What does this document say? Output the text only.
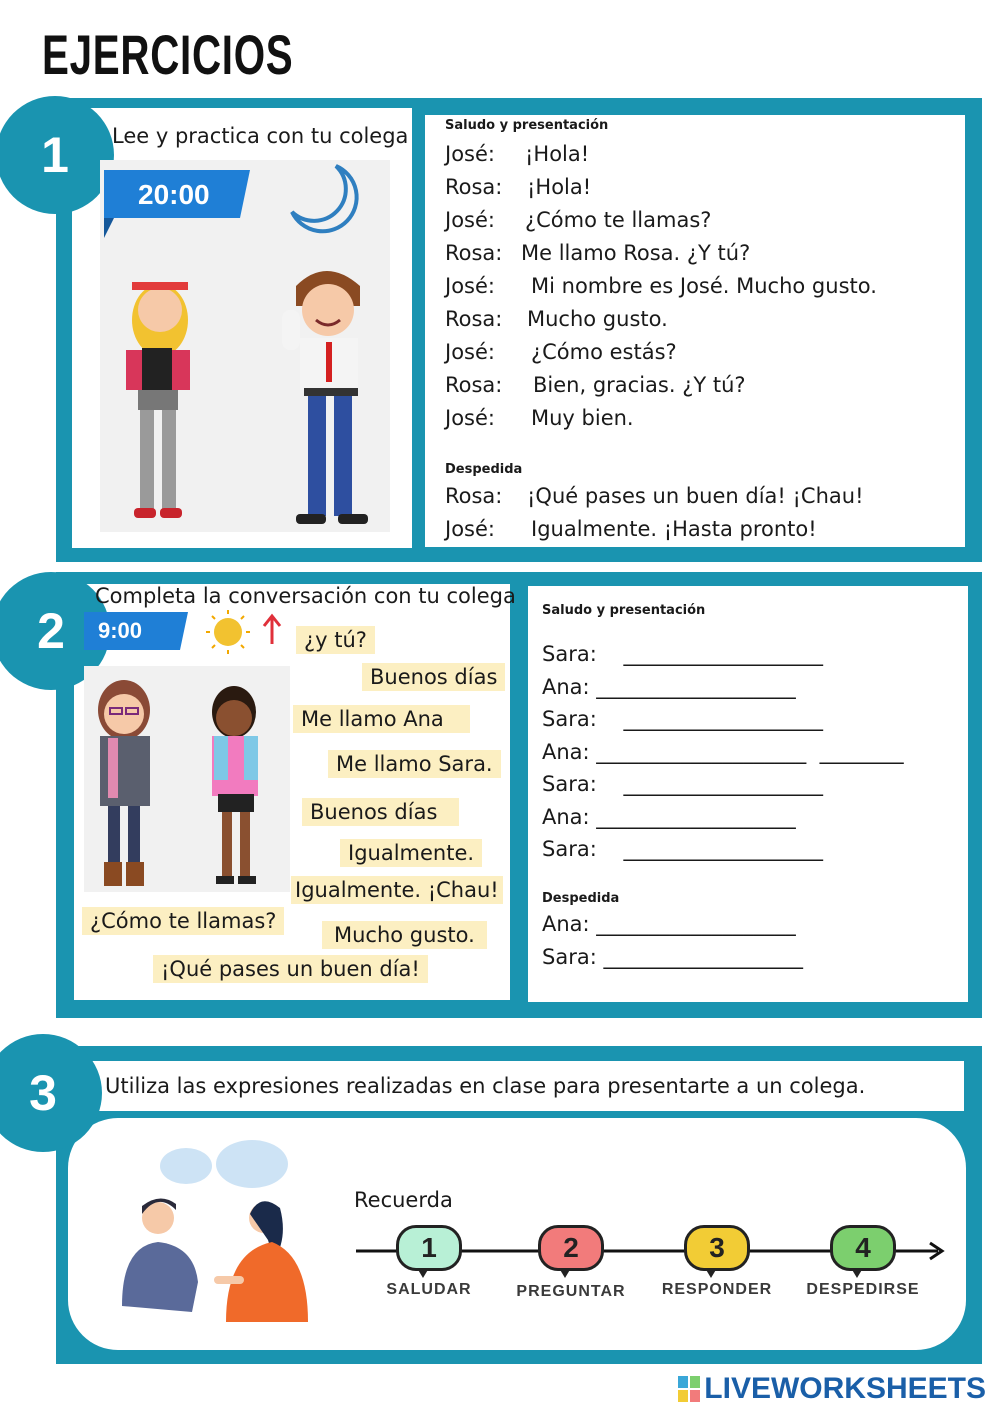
EJERCICIOS
1	Lee y practica con tu colega
20:00
Saludo y presentación
José: ¡Hola!
Rosa: ¡Hola!
José: ¿Cómo te llamas?
Rosa: Me llamo Rosa. ¿Y tú?
José: Mi nombre es José. Mucho gusto.
Rosa: Mucho gusto.
José: ¿Cómo estás?
Rosa: Bien, gracias. ¿Y tú?
José: Muy bien.
Despedida
Rosa: ¡Qué pases un buen día! ¡Chau!
José: Igualmente. ¡Hasta pronto!
2
Completa la conversación con tu colega
9:00	¿y tú?
Buenos días
Me llamo Ana
Me llamo Sara.
Buenos días
Igualmente.
Igualmente. ¡Chau!
¿Cómo te llamas?
Mucho gusto.
¡Qué pases un buen día!
Saludo y presentación
Sara:    ___________________
Ana: ___________________
Sara:    ___________________
Ana: ____________________  ________
Sara:    ___________________
Ana: ___________________
Sara:    ___________________
Despedida
Ana: ___________________
Sara: ___________________
3	Utiliza las expresiones realizadas en clase para presentarte a un colega.
Recuerda
1
SALUDAR
2
PREGUNTAR
3
RESPONDER
4
DESPEDIRSE
LIVEWORKSHEETS
